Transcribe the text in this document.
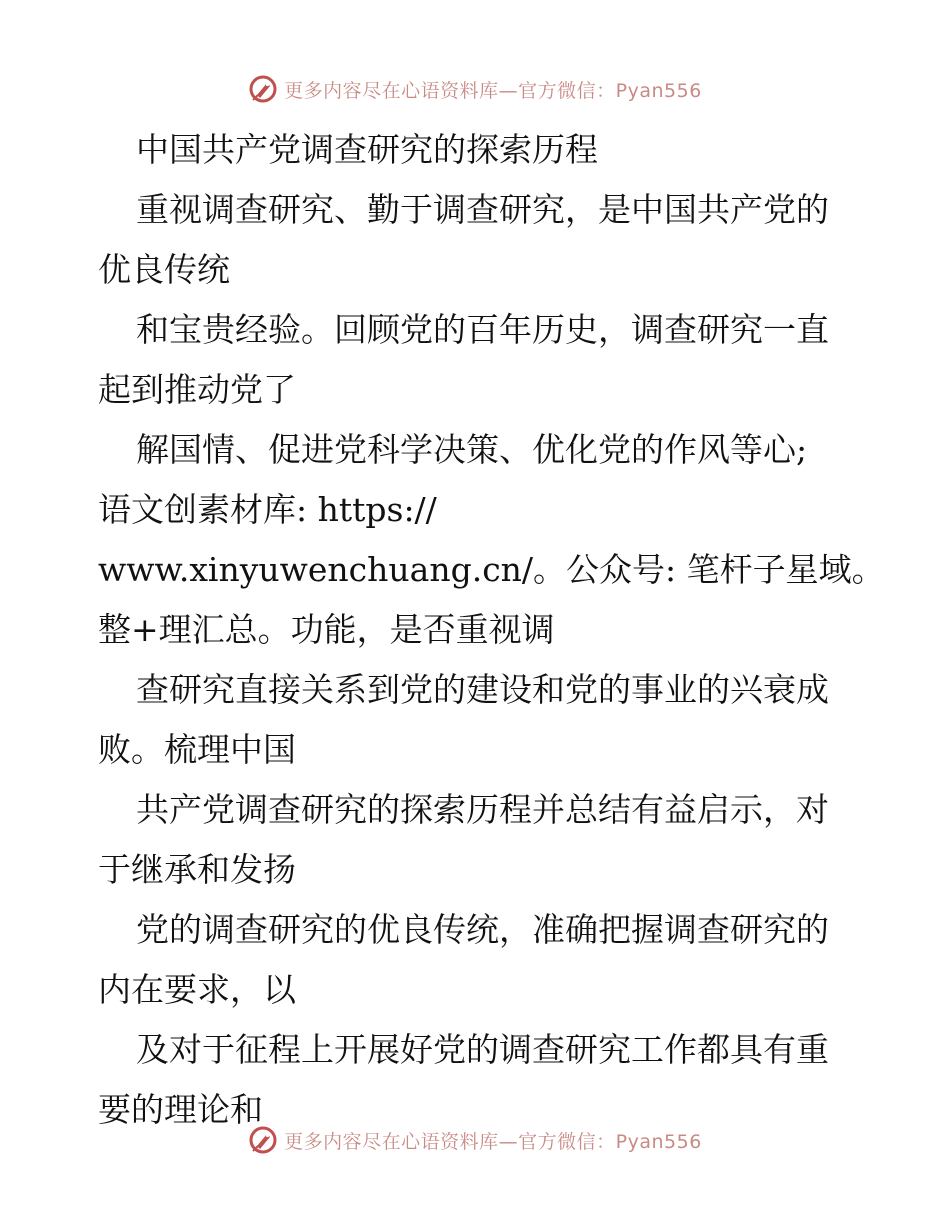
更多内容尽在心语资料库—官方微信：Pyan556
中国共产党调查研究的探索历程
重视调查研究、勤于调查研究，是中国共产党的
优良传统
和宝贵经验。回顾党的百年历史，调查研究一直
起到推动党了
解国情、促进党科学决策、优化党的作风等心;
语文创素材库: https://
www.xinyuwenchuang.cn/。公众号: 笔杆子星域。
整+理汇总。功能，是否重视调
查研究直接关系到党的建设和党的事业的兴衰成
败。梳理中国
共产党调查研究的探索历程并总结有益启示，对
于继承和发扬
党的调查研究的优良传统，准确把握调查研究的
内在要求，以
及对于征程上开展好党的调查研究工作都具有重
要的理论和
更多内容尽在心语资料库—官方微信：Pyan556
